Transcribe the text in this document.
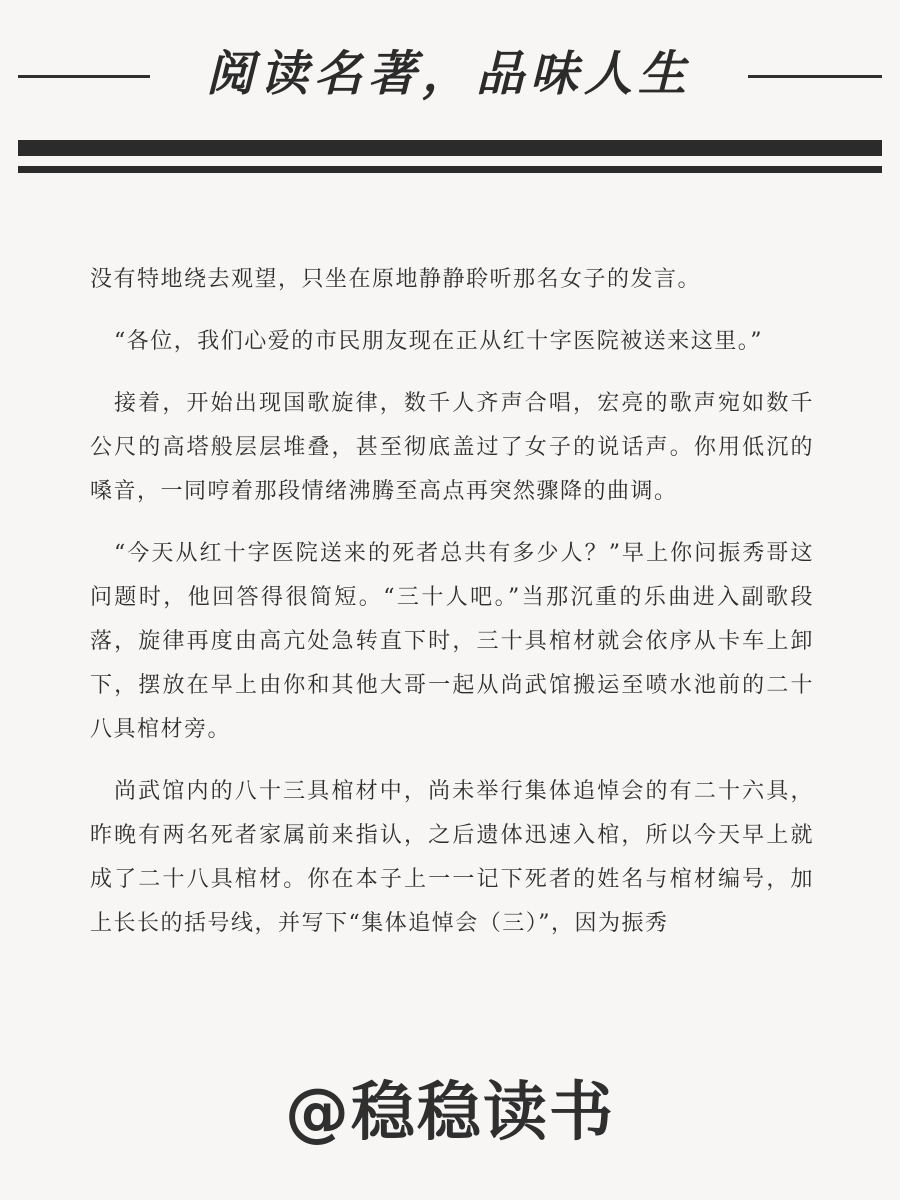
阅读名著，品味人生

没有特地绕去观望，只坐在原地静静聆听那名女子的发言。

“各位，我们心爱的市民朋友现在正从红十字医院被送来这里。”

接着，开始出现国歌旋律，数千人齐声合唱，宏亮的歌声宛如数千公尺的高塔般层层堆叠，甚至彻底盖过了女子的说话声。你用低沉的嗓音，一同哼着那段情绪沸腾至高点再突然骤降的曲调。

“今天从红十字医院送来的死者总共有多少人？”早上你问振秀哥这问题时，他回答得很简短。“三十人吧。”当那沉重的乐曲进入副歌段落，旋律再度由高亢处急转直下时，三十具棺材就会依序从卡车上卸下，摆放在早上由你和其他大哥一起从尚武馆搬运至喷水池前的二十八具棺材旁。

尚武馆内的八十三具棺材中，尚未举行集体追悼会的有二十六具，昨晚有两名死者家属前来指认，之后遗体迅速入棺，所以今天早上就成了二十八具棺材。你在本子上一一记下死者的姓名与棺材编号，加上长长的括号线，并写下“集体追悼会（三）”，因为振秀

@稳稳读书
